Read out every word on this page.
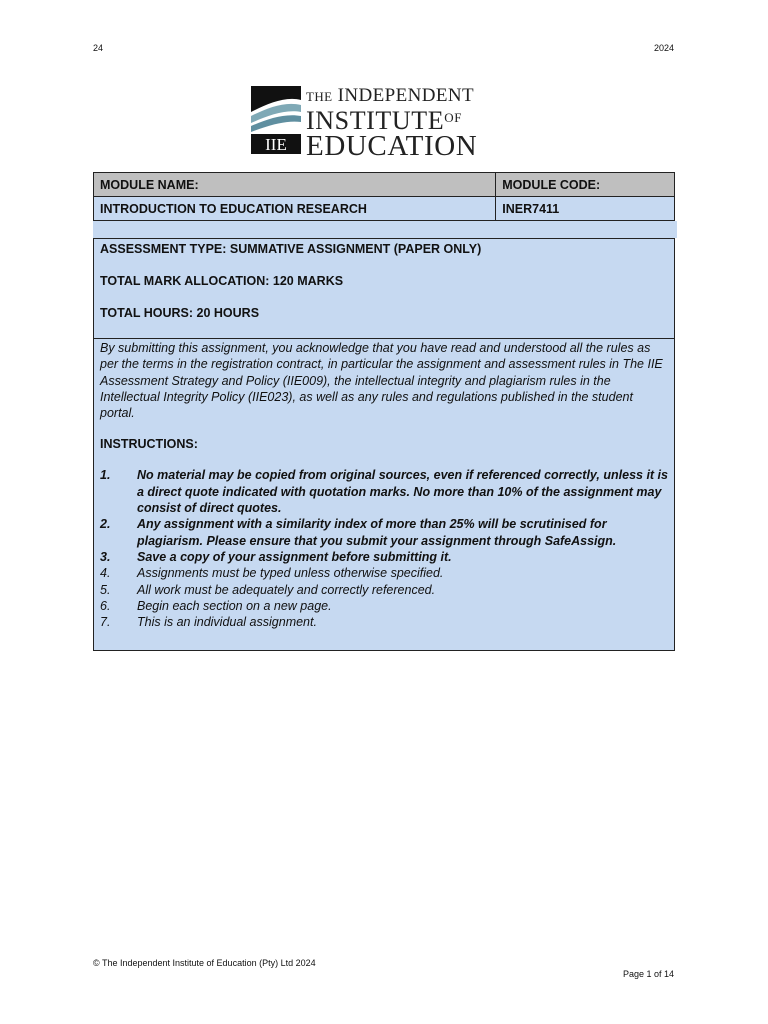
24	2024
IIE
THE INDEPENDENT
$INSTITUTE^{OF}$
EDUCATION
MODULE NAME:	MODULE CODE:
INTRODUCTION TO EDUCATION RESEARCH	INER7411

ASSESSMENT TYPE: SUMMATIVE ASSIGNMENT (PAPER ONLY)

TOTAL MARK ALLOCATION: 120 MARKS

TOTAL HOURS: 20 HOURS

By submitting this assignment, you acknowledge that you have read and understood all the rules as per the terms in the registration contract, in particular the assignment and assessment rules in The IIE Assessment Strategy and Policy (IIE009), the intellectual integrity and plagiarism rules in the Intellectual Integrity Policy (IIE023), as well as any rules and regulations published in the student portal.

INSTRUCTIONS:

1. No material may be copied from original sources, even if referenced correctly, unless it is a direct quote indicated with quotation marks. No more than 10% of the assignment may consist of direct quotes.
2. Any assignment with a similarity index of more than 25% will be scrutinised for plagiarism. Please ensure that you submit your assignment through SafeAssign.
3. Save a copy of your assignment before submitting it.
4. Assignments must be typed unless otherwise specified.
5. All work must be adequately and correctly referenced.
6. Begin each section on a new page.
7. This is an individual assignment.
© The Independent Institute of Education (Pty) Ltd 2024
Page 1 of 14
